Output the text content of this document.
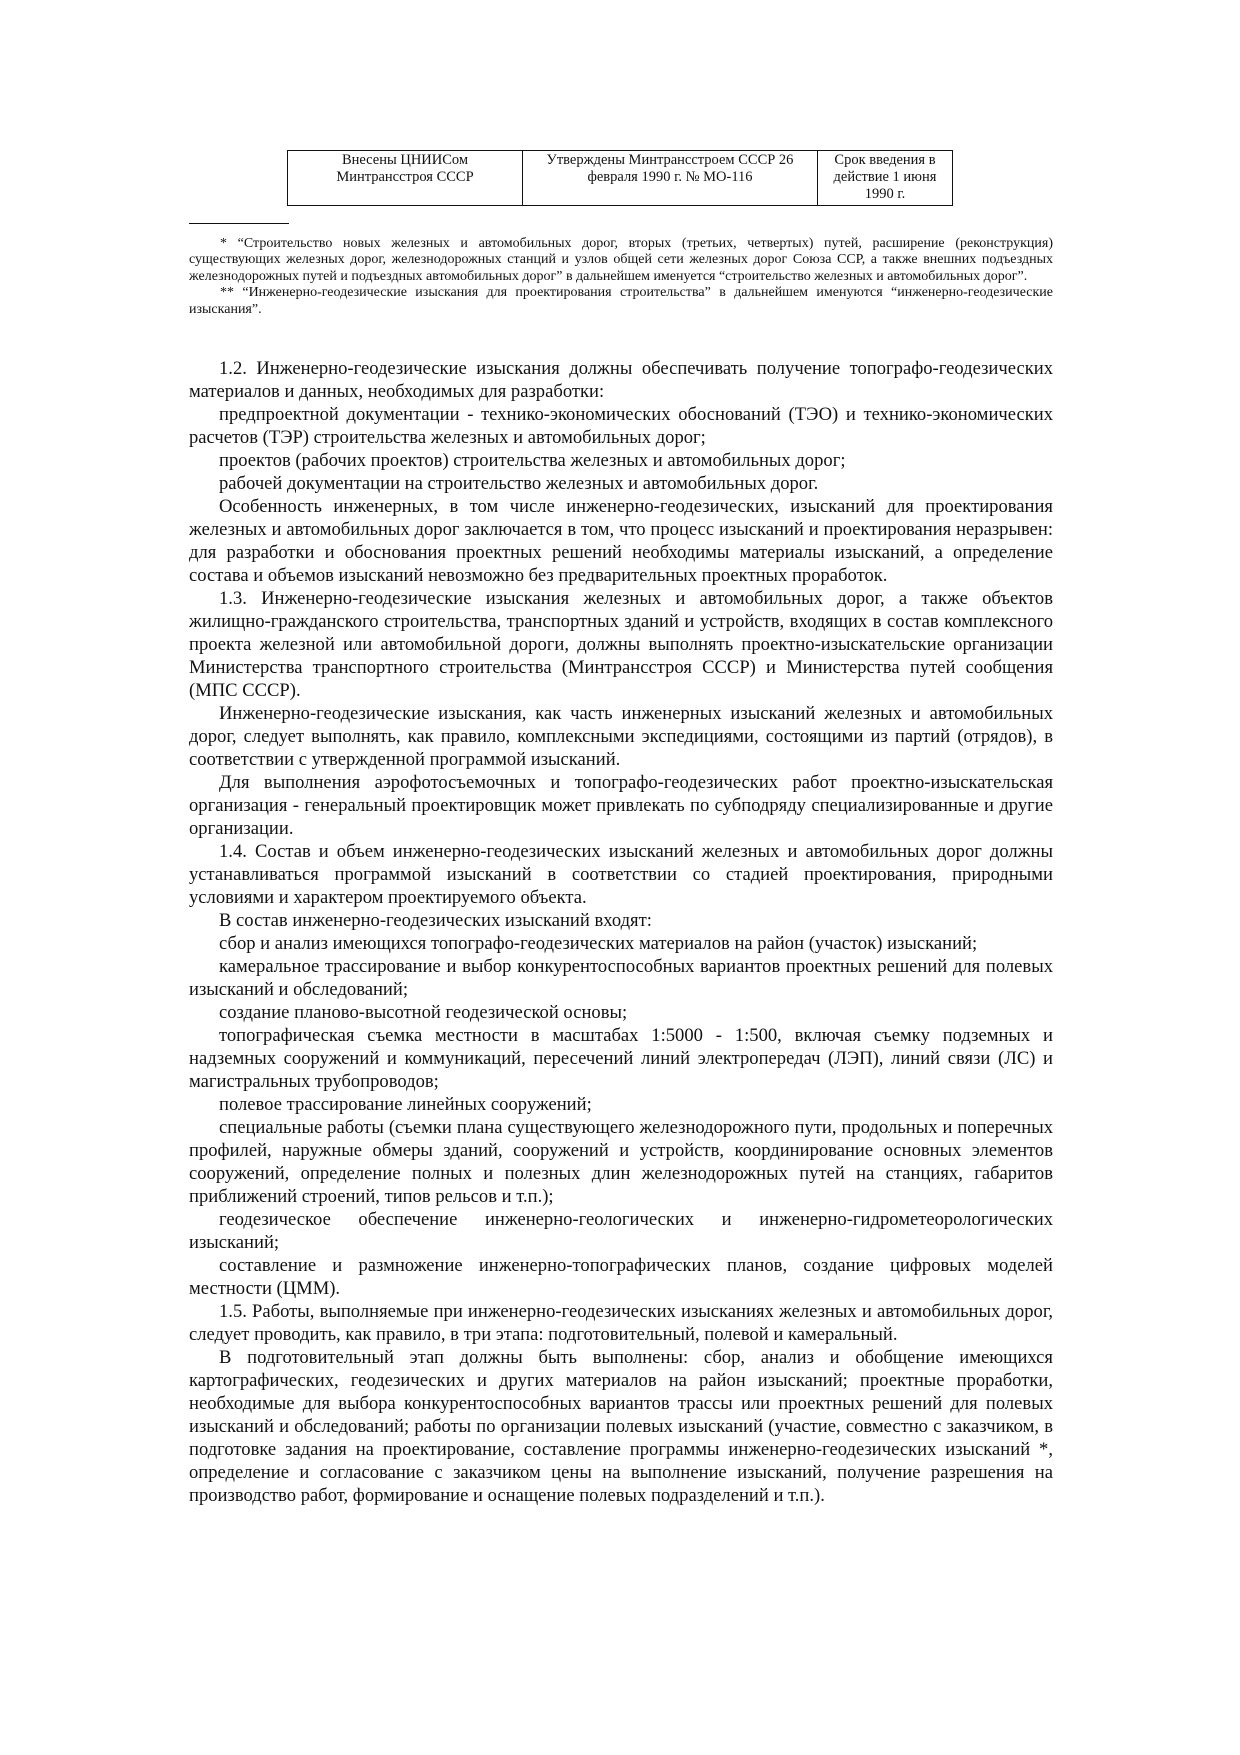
Внесены ЦНИИСом Минтрансстроя СССР	Утверждены Минтрансстроем СССР 26 февраля 1990 г. № МО-116	Срок введения в действие 1 июня 1990 г.

* “Строительство новых железных и автомобильных дорог, вторых (третьих, четвертых) путей, расширение (реконструкция) существующих железных дорог, железнодорожных станций и узлов общей сети железных дорог Союза ССР, а также внешних подъездных железнодорожных путей и подъездных автомобильных дорог” в дальнейшем именуется “строительство железных и автомобильных дорог”.

** “Инженерно-геодезические изыскания для проектирования строительства” в дальнейшем именуются “инженерно-геодезические изыскания”.

1.2. Инженерно-геодезические изыскания должны обеспечивать получение топографо-геодезических материалов и данных, необходимых для разработки:

предпроектной документации - технико-экономических обоснований (ТЭО) и технико-экономических расчетов (ТЭР) строительства железных и автомобильных дорог;

проектов (рабочих проектов) строительства железных и автомобильных дорог;

рабочей документации на строительство железных и автомобильных дорог.

Особенность инженерных, в том числе инженерно-геодезических, изысканий для проектирования железных и автомобильных дорог заключается в том, что процесс изысканий и проектирования неразрывен: для разработки и обоснования проектных решений необходимы материалы изысканий, а определение состава и объемов изысканий невозможно без предварительных проектных проработок.

1.3. Инженерно-геодезические изыскания железных и автомобильных дорог, а также объектов жилищно-гражданского строительства, транспортных зданий и устройств, входящих в состав комплексного проекта железной или автомобильной дороги, должны выполнять проектно-изыскательские организации Министерства транспортного строительства (Минтрансстроя СССР) и Министерства путей сообщения (МПС СССР).

Инженерно-геодезические изыскания, как часть инженерных изысканий железных и автомобильных дорог, следует выполнять, как правило, комплексными экспедициями, состоящими из партий (отрядов), в соответствии с утвержденной программой изысканий.

Для выполнения аэрофотосъемочных и топографо-геодезических работ проектно-изыскательская организация - генеральный проектировщик может привлекать по субподряду специализированные и другие организации.

1.4. Состав и объем инженерно-геодезических изысканий железных и автомобильных дорог должны устанавливаться программой изысканий в соответствии со стадией проектирования, природными условиями и характером проектируемого объекта.

В состав инженерно-геодезических изысканий входят:

сбор и анализ имеющихся топографо-геодезических материалов на район (участок) изысканий;

камеральное трассирование и выбор конкурентоспособных вариантов проектных решений для полевых изысканий и обследований;

создание планово-высотной геодезической основы;

топографическая съемка местности в масштабах 1:5000 - 1:500, включая съемку подземных и надземных сооружений и коммуникаций, пересечений линий электропередач (ЛЭП), линий связи (ЛС) и магистральных трубопроводов;

полевое трассирование линейных сооружений;

специальные работы (съемки плана существующего железнодорожного пути, продольных и поперечных профилей, наружные обмеры зданий, сооружений и устройств, координирование основных элементов сооружений, определение полных и полезных длин железнодорожных путей на станциях, габаритов приближений строений, типов рельсов и т.п.);

геодезическое обеспечение инженерно-геологических и инженерно-гидрометеорологических изысканий;

составление и размножение инженерно-топографических планов, создание цифровых моделей местности (ЦММ).

1.5. Работы, выполняемые при инженерно-геодезических изысканиях железных и автомобильных дорог, следует проводить, как правило, в три этапа: подготовительный, полевой и камеральный.

В подготовительный этап должны быть выполнены: сбор, анализ и обобщение имеющихся картографических, геодезических и других материалов на район изысканий; проектные проработки, необходимые для выбора конкурентоспособных вариантов трассы или проектных решений для полевых изысканий и обследований; работы по организации полевых изысканий (участие, совместно с заказчиком, в подготовке задания на проектирование, составление программы инженерно-геодезических изысканий *, определение и согласование с заказчиком цены на выполнение изысканий, получение разрешения на производство работ, формирование и оснащение полевых подразделений и т.п.).
